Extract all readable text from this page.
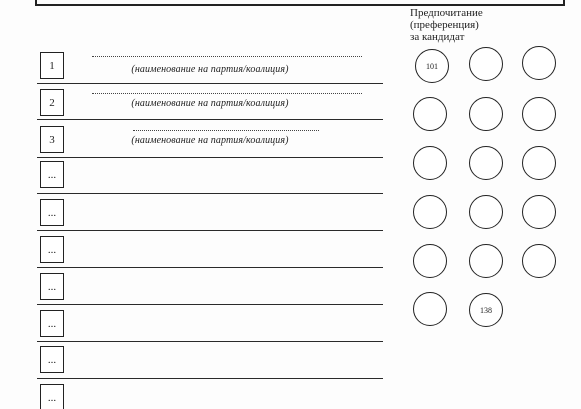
1	(наименование на партия/коалиция)
2	(наименование на партия/коалиция)
3	(наименование на партия/коалиция)
...
...
...
...
...
...
...
Предпочитание
(преференция)
за кандидат
101
138
